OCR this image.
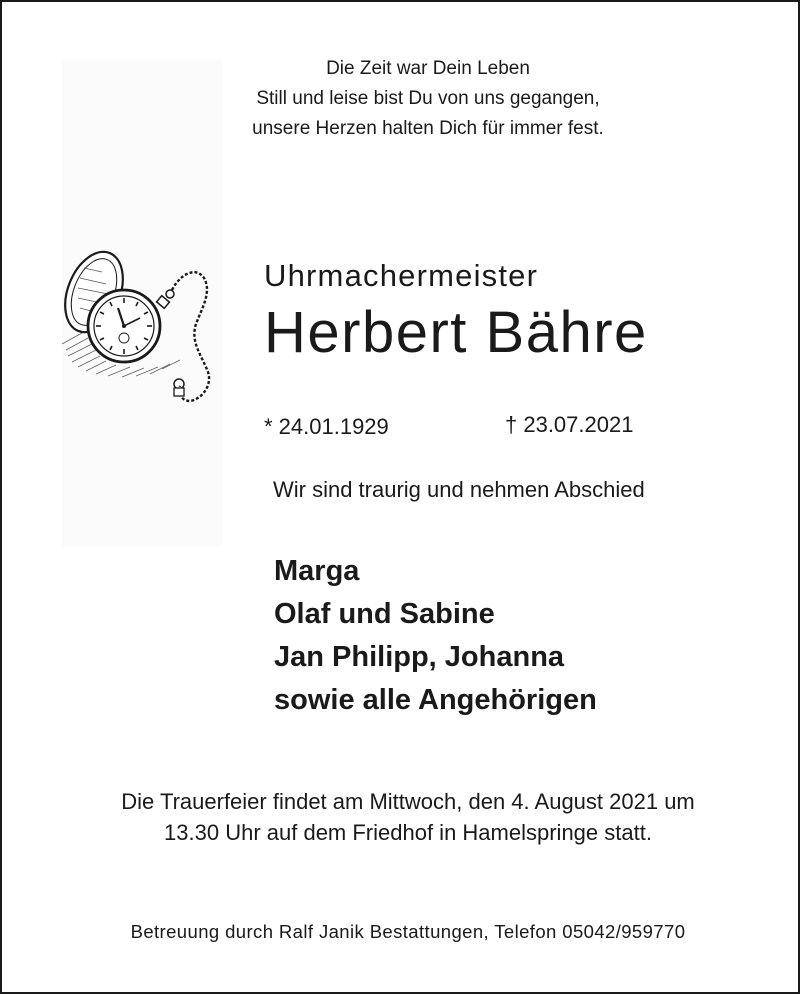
Die Zeit war Dein Leben
Still und leise bist Du von uns gegangen,
unsere Herzen halten Dich für immer fest.
Uhrmachermeister
Herbert Bähre
* 24.01.1929	† 23.07.2021
Wir sind traurig und nehmen Abschied
Marga
Olaf und Sabine
Jan Philipp, Johanna
sowie alle Angehörigen
Die Trauerfeier findet am Mittwoch, den 4. August 2021 um
13.30 Uhr auf dem Friedhof in Hamelspringe statt.
Betreuung durch Ralf Janik Bestattungen, Telefon 05042/959770
